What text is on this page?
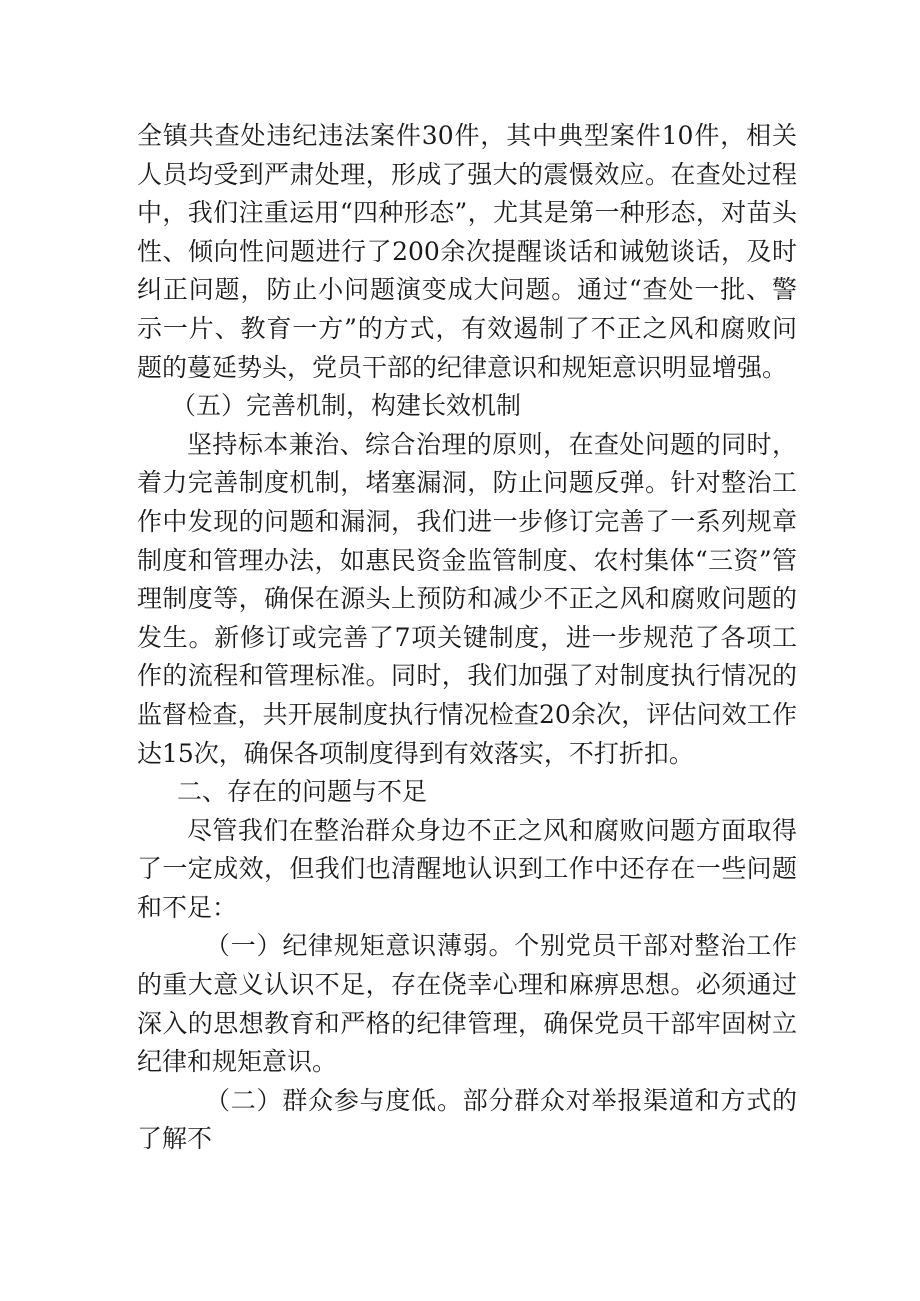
全镇共查处违纪违法案件30件，其中典型案件10件，相关人员均受到严肃处理，形成了强大的震慑效应。在查处过程中，我们注重运用“四种形态”，尤其是第一种形态，对苗头性、倾向性问题进行了200余次提醒谈话和诫勉谈话，及时纠正问题，防止小问题演变成大问题。通过“查处一批、警示一片、教育一方”的方式，有效遏制了不正之风和腐败问题的蔓延势头，党员干部的纪律意识和规矩意识明显增强。

（五）完善机制，构建长效机制

坚持标本兼治、综合治理的原则，在查处问题的同时，着力完善制度机制，堵塞漏洞，防止问题反弹。针对整治工作中发现的问题和漏洞，我们进一步修订完善了一系列规章制度和管理办法，如惠民资金监管制度、农村集体“三资”管理制度等，确保在源头上预防和减少不正之风和腐败问题的发生。新修订或完善了7项关键制度，进一步规范了各项工作的流程和管理标准。同时，我们加强了对制度执行情况的监督检查，共开展制度执行情况检查20余次，评估问效工作达15次，确保各项制度得到有效落实，不打折扣。

二、存在的问题与不足

尽管我们在整治群众身边不正之风和腐败问题方面取得了一定成效，但我们也清醒地认识到工作中还存在一些问题和不足：

（一）纪律规矩意识薄弱。个别党员干部对整治工作的重大意义认识不足，存在侥幸心理和麻痹思想。必须通过深入的思想教育和严格的纪律管理，确保党员干部牢固树立纪律和规矩意识。

（二）群众参与度低。部分群众对举报渠道和方式的了解不
